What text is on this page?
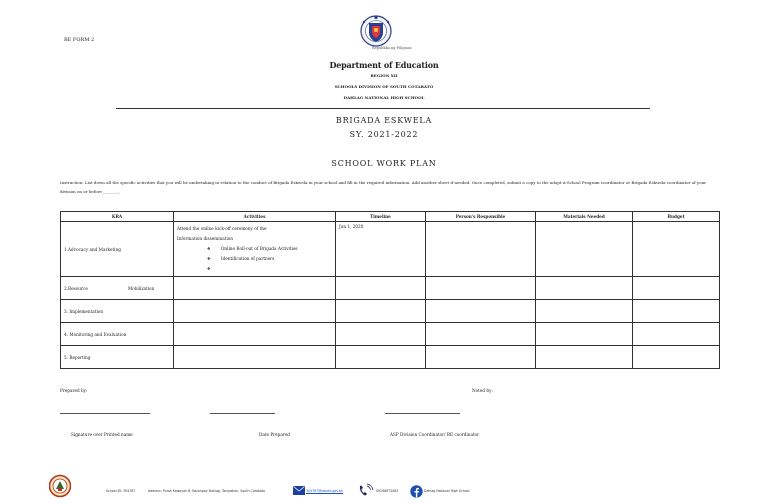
BE FORM 2
Republika ng Pilipinas
Department of Education
REGION XII
SCHOOLS DIVISION OF SOUTH COTABATO
DAHLAG NATIONAL HIGH SCHOOL
BRIGADA ESKWELA
SY. 2021-2022
SCHOOL WORK PLAN
Instruction: List down all the specific activities that you will be undertaking in relation to the conduct of Brigada Eskwela in your school and fill in the required information. Add another sheet if needed. Once completed, submit a copy to the adopt-A-School Program coordinator or Brigada Eskwela coordinator of your division on or before ________.
KRA	Activities	Timeline	Person's Responsible	Materials Needed	Budget
1.Advocacy and Marketing	Attend the online kick-off ceremony of the
Information dissemination
❖ Online Roll-out of Brigada Activities
❖ Identification of partners
❖	Jun 1, 2020			
2.Resource Mobilization					
3. Implementation					
4. Monitoring and Evaluation					
5. Reporting					
Prepared by:	Noted by:
Signature over Printed name	Date Prepared	ASP Division Coordinator/ BE coordinator
School ID: 304787	Address: Purok Kawayan B, Barangay Dahlag, Tampakan, South Cotabato	304787@deped.gov.ph	09298972083	Dahlag National High School
